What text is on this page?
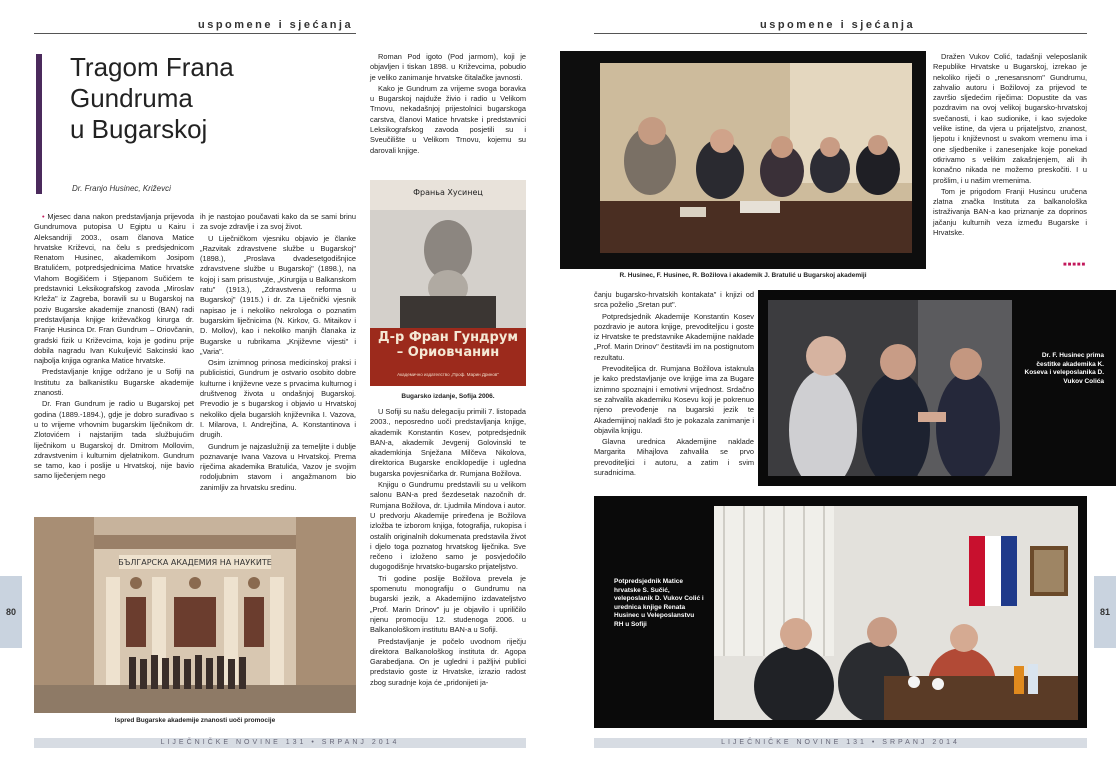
uspomene i sjećanja
Tragom Frana Gundruma
u Bugarskoj
Dr. Franjo Husinec, Križevci

• Mjesec dana nakon predstavljanja prijevoda Gundrumova putopisa U Egiptu u Kairu i Aleksandriji 2003., osam članova Matice hrvatske Križevci, na čelu s predsjednicom Renatom Husinec, akademikom Josipom Bratulićem, potpredsjednicima Matice hrvatske Vlahom Bogišićem i Stjepanom Sučićem te predstavnici Leksikografskog zavoda „Miroslav Krleža" iz Zagreba, boravili su u Bugarskoj na poziv Bugarske akademije znanosti (BAN) radi predstavljanja knjige križevačkog kirurga dr. Franje Husinca Dr. Fran Gundrum – Oriovčanin, gradski fizik u Križevcima, koja je godinu prije dobila nagradu Ivan Kukuljević Sakcinski kao najbolja knjiga ogranka Matice hrvatske.

Predstavljanje knjige održano je u Sofiji na Institutu za balkanistiku Bugarske akademije znanosti.

Dr. Fran Gundrum je radio u Bugarskoj pet godina (1889.-1894.), gdje je dobro surađivao s u to vrijeme vrhovnim bugarskim liječnikom dr. Zlotovićem i najstarijim tada službujućim liječnikom u Bugarskoj dr. Dmitrom Mollovim, zdravstvenim i kulturnim djelatnikom. Gundrum se tamo, kao i poslije u Hrvatskoj, nije bavio samo liječenjem nego

ih je nastojao poučavati kako da se sami brinu za svoje zdravlje i za svoj život.

U Liječničkom vjesniku objavio je članke „Razvitak zdravstvene službe u Bugarskoj" (1898.), „Proslava dvadesetgodišnjice zdravstvene službe u Bugarskoj" (1898.), na kojoj i sam prisustvuje, „Kirurgija u Balkanskom ratu" (1913.), „Zdravstvena reforma u Bugarskoj" (1915.) i dr. Za Liječnički vjesnik napisao je i nekoliko nekrologa o poznatim bugarskim liječnicima (N. Kirkov, G. Mitaikov i D. Mollov), kao i nekoliko manjih članaka iz Bugarske u rubrikama „Književne vijesti" i „Varia".

Osim iznimnog prinosa medicinskoj praksi i publicistici, Gundrum je ostvario osobito dobre kulturne i književne veze s prvacima kulturnog i društvenog života u ondašnjoj Bugarskoj. Prevodio je s bugarskog i objavio u Hrvatskoj nekoliko djela bugarskih književnika I. Vazova, I. Milarova, I. Andrejčina, A. Konstantinova i drugih.

Gundrum je najzaslužniji za temeljite i dublje poznavanje Ivana Vazova u Hrvatskoj. Prema riječima akademika Bratulića, Vazov je svojim rodoljubnim stavom i angažmanom bio zanimljiv za hrvatsku sredinu.

БЪЛГАРСКА АКАДЕМИЯ НА НАУКИТЕ
Ispred Bugarske akademije znanosti uoči promocije

Roman Pod igoto (Pod jarmom), koji je objavljen i tiskan 1898. u Križevcima, pobudio je veliko zanimanje hrvatske čitalačke javnosti.

Kako je Gundrum za vrijeme svoga boravka u Bugarskoj najduže živio i radio u Velikom Trnovu, nekadašnjoj prijestolnici bugarskoga carstva, članovi Matice hrvatske i predstavnici Leksikografskog zavoda posjetili su i Sveučilište u Velikom Trnovu, kojemu su darovali knjige.

Франьа Хусинец
Д-р Фран Гундрум – Ориовчанин
Академично издателство „Проф. Марин Дринов"
Bugarsko izdanje, Sofija 2006.

U Sofiji su našu delegaciju primili 7. listopada 2003., neposredno uoči predstavljanja knjige, akademik Konstantin Kosev, potpredsjednik BAN-a, akademik Jevgenij Golovinski te akademkinja Snježana Milčeva Nikolova, direktorica Bugarske enciklopedije i ugledna bugarska povjesničarka dr. Rumjana Božilova.

Knjigu o Gundrumu predstavili su u velikom salonu BAN-a pred šezdesetak nazočnih dr. Rumjana Božilova, dr. Ljudmila Mindova i autor. U predvorju Akademije priređena je Božilova izložba te izborom knjiga, fotografija, rukopisa i ostalih originalnih dokumenata predstavila život i djelo toga poznatog hrvatskog liječnika. Sve rečeno i izloženo samo je posvjedočilo dugogodišnje hrvatsko-bugarsko prijateljstvo.

Tri godine poslije Božilova prevela je spomenutu monografiju o Gundrumu na bugarski jezik, a Akademijino izdavateljstvo „Prof. Marin Drinov" ju je objavilo i upriličilo njenu promociju 12. studenoga 2006. u Balkanološkom institutu BAN-a u Sofiji.

Predstavljanje je počelo uvodnom riječju direktora Balkanološkog instituta dr. Agopa Garabedjana. On je ugledni i pažljivi publici predstavio goste iz Hrvatske, izrazio radost zbog suradnje koja će „pridonijeti ja-

LIJEČNIČKE NOVINE 131 • SRPANJ 2014
80
uspomene i sjećanja
R. Husinec, F. Husinec, R. Božilova i akademik J. Bratulić u Bugarskoj akademiji

Dražen Vukov Colić, tadašnji veleposlanik Republike Hrvatske u Bugarskoj, izrekao je nekoliko riječi o „renesansnom" Gundrumu, zahvalio autoru i Božilovoj za prijevod te završio sljedećim riječima: Dopustite da vas pozdravim na ovoj velikoj bugarsko-hrvatskoj svečanosti, i kao sudionike, i kao svjedoke velike istine, da vjera u prijateljstvo, znanost, ljepotu i književnost u svakom vremenu ima i one sljedbenike i zanesenjake koje ponekad otkrivamo s velikim zakašnjenjem, ali ih konačno nikada ne možemo preskočiti. I u prošlim, i u našim vremenima.

Tom je prigodom Franji Husincu uručena zlatna značka Instituta za balkanološka istraživanja BAN-a kao priznanje za doprinos jačanju kulturnih veza između Bugarske i Hrvatske.

■■■■■

čanju bugarsko-hrvatskih kontakata" i knjizi od srca poželio „Sretan put".

Potpredsjednik Akademije Konstantin Kosev pozdravio je autora knjige, prevoditeljicu i goste iz Hrvatske te predstavnike Akademijine naklade „Prof. Marin Drinov" čestitavši im na postignutom rezultatu.

Prevoditeljica dr. Rumjana Božilova istaknula je kako predstavljanje ove knjige ima za Bugare iznimno spoznajni i emotivni vrijednost. Srdačno se zahvalila akademiku Kosevu koji je pokrenuo njeno prevođenje na bugarski jezik te Akademijinoj nakladi što je pokazala zanimanje i objavila knjigu.

Glavna urednica Akademijine naklade Margarita Mihajlova zahvalila se prvo prevoditeljici i autoru, a zatim i svim suradnicima.

Dr. F. Husinec prima čestitke akademika K. Koseva i veleposlanika D. Vukov Colića
Potpredsjednik Matice hrvatske S. Sučić, veleposlanik D. Vukov Colić i urednica knjige Renata Husinec u Veleposlanstvu RH u Sofiji
LIJEČNIČKE NOVINE 131 • SRPANJ 2014
81
